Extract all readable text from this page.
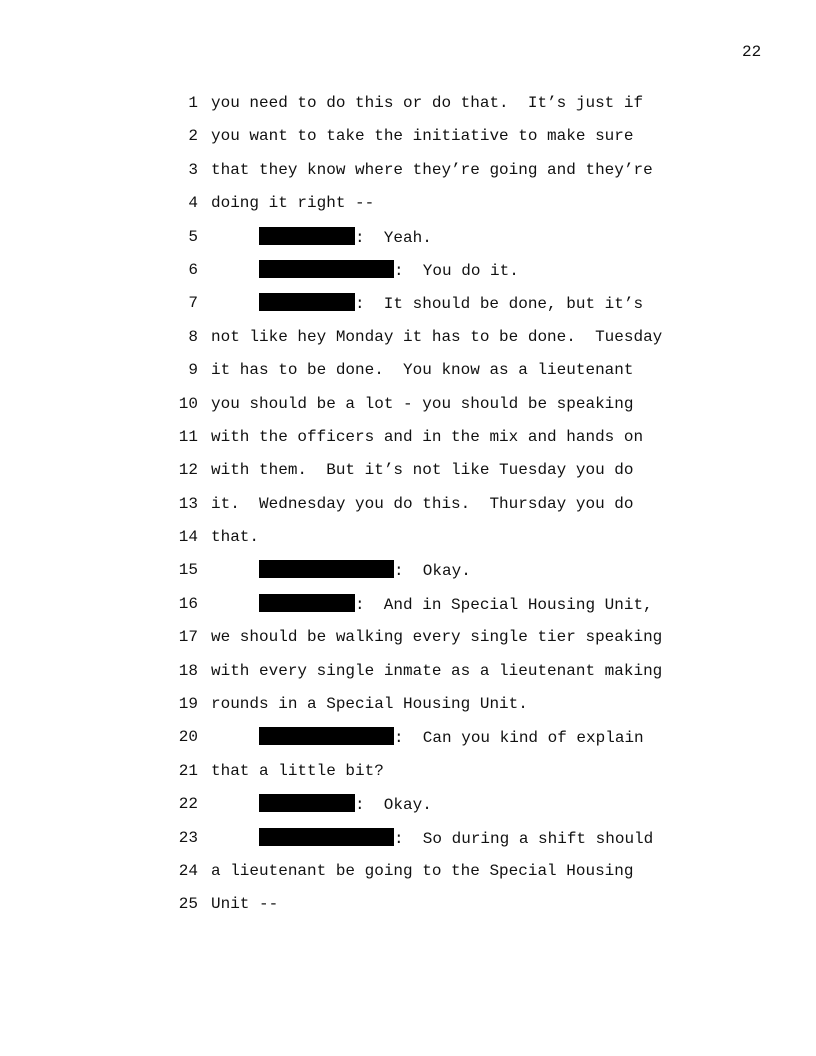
22
1 you need to do this or do that.  It’s just if
2 you want to take the initiative to make sure
3 that they know where they’re going and they’re
4 doing it right --
5	:  Yeah.
6	:  You do it.
7	:  It should be done, but it’s
8 not like hey Monday it has to be done.  Tuesday
9 it has to be done.  You know as a lieutenant
10 you should be a lot - you should be speaking
11 with the officers and in the mix and hands on
12 with them.  But it’s not like Tuesday you do
13 it.  Wednesday you do this.  Thursday you do
14 that.
15	:  Okay.
16	:  And in Special Housing Unit,
17 we should be walking every single tier speaking
18 with every single inmate as a lieutenant making
19 rounds in a Special Housing Unit.
20	:  Can you kind of explain
21 that a little bit?
22	:  Okay.
23	:  So during a shift should
24 a lieutenant be going to the Special Housing
25 Unit --
